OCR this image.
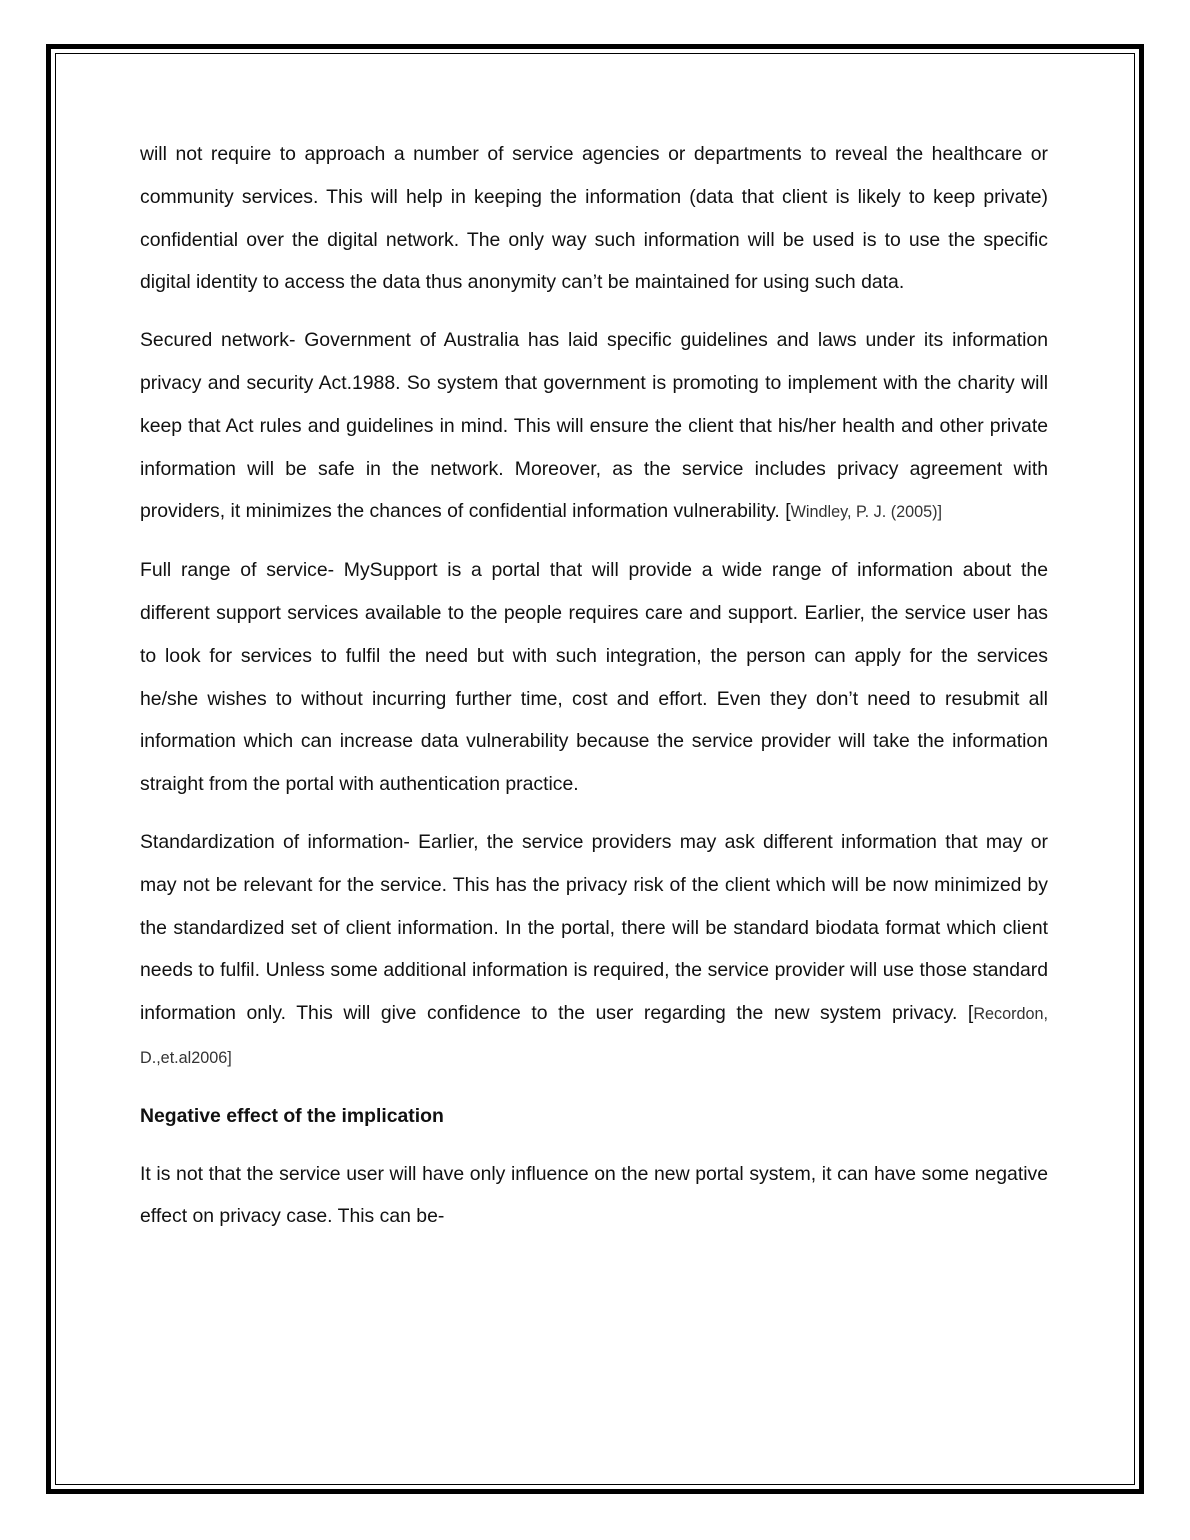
will not require to approach a number of service agencies or departments to reveal the healthcare or community services. This will help in keeping the information (data that client is likely to keep private) confidential over the digital network. The only way such information will be used is to use the specific digital identity to access the data thus anonymity can’t be maintained for using such data.

Secured network- Government of Australia has laid specific guidelines and laws under its information privacy and security Act.1988. So system that government is promoting to implement with the charity will keep that Act rules and guidelines in mind. This will ensure the client that his/her health and other private information will be safe in the network. Moreover, as the service includes privacy agreement with providers, it minimizes the chances of confidential information vulnerability. [Windley, P. J. (2005)]

Full range of service- MySupport is a portal that will provide a wide range of information about the different support services available to the people requires care and support. Earlier, the service user has to look for services to fulfil the need but with such integration, the person can apply for the services he/she wishes to without incurring further time, cost and effort. Even they don’t need to resubmit all information which can increase data vulnerability because the service provider will take the information straight from the portal with authentication practice.

Standardization of information- Earlier, the service providers may ask different information that may or may not be relevant for the service. This has the privacy risk of the client which will be now minimized by the standardized set of client information. In the portal, there will be standard biodata format which client needs to fulfil. Unless some additional information is required, the service provider will use those standard information only. This will give confidence to the user regarding the new system privacy. [Recordon, D.,et.al2006]

Negative effect of the implication

It is not that the service user will have only influence on the new portal system, it can have some negative effect on privacy case. This can be-
